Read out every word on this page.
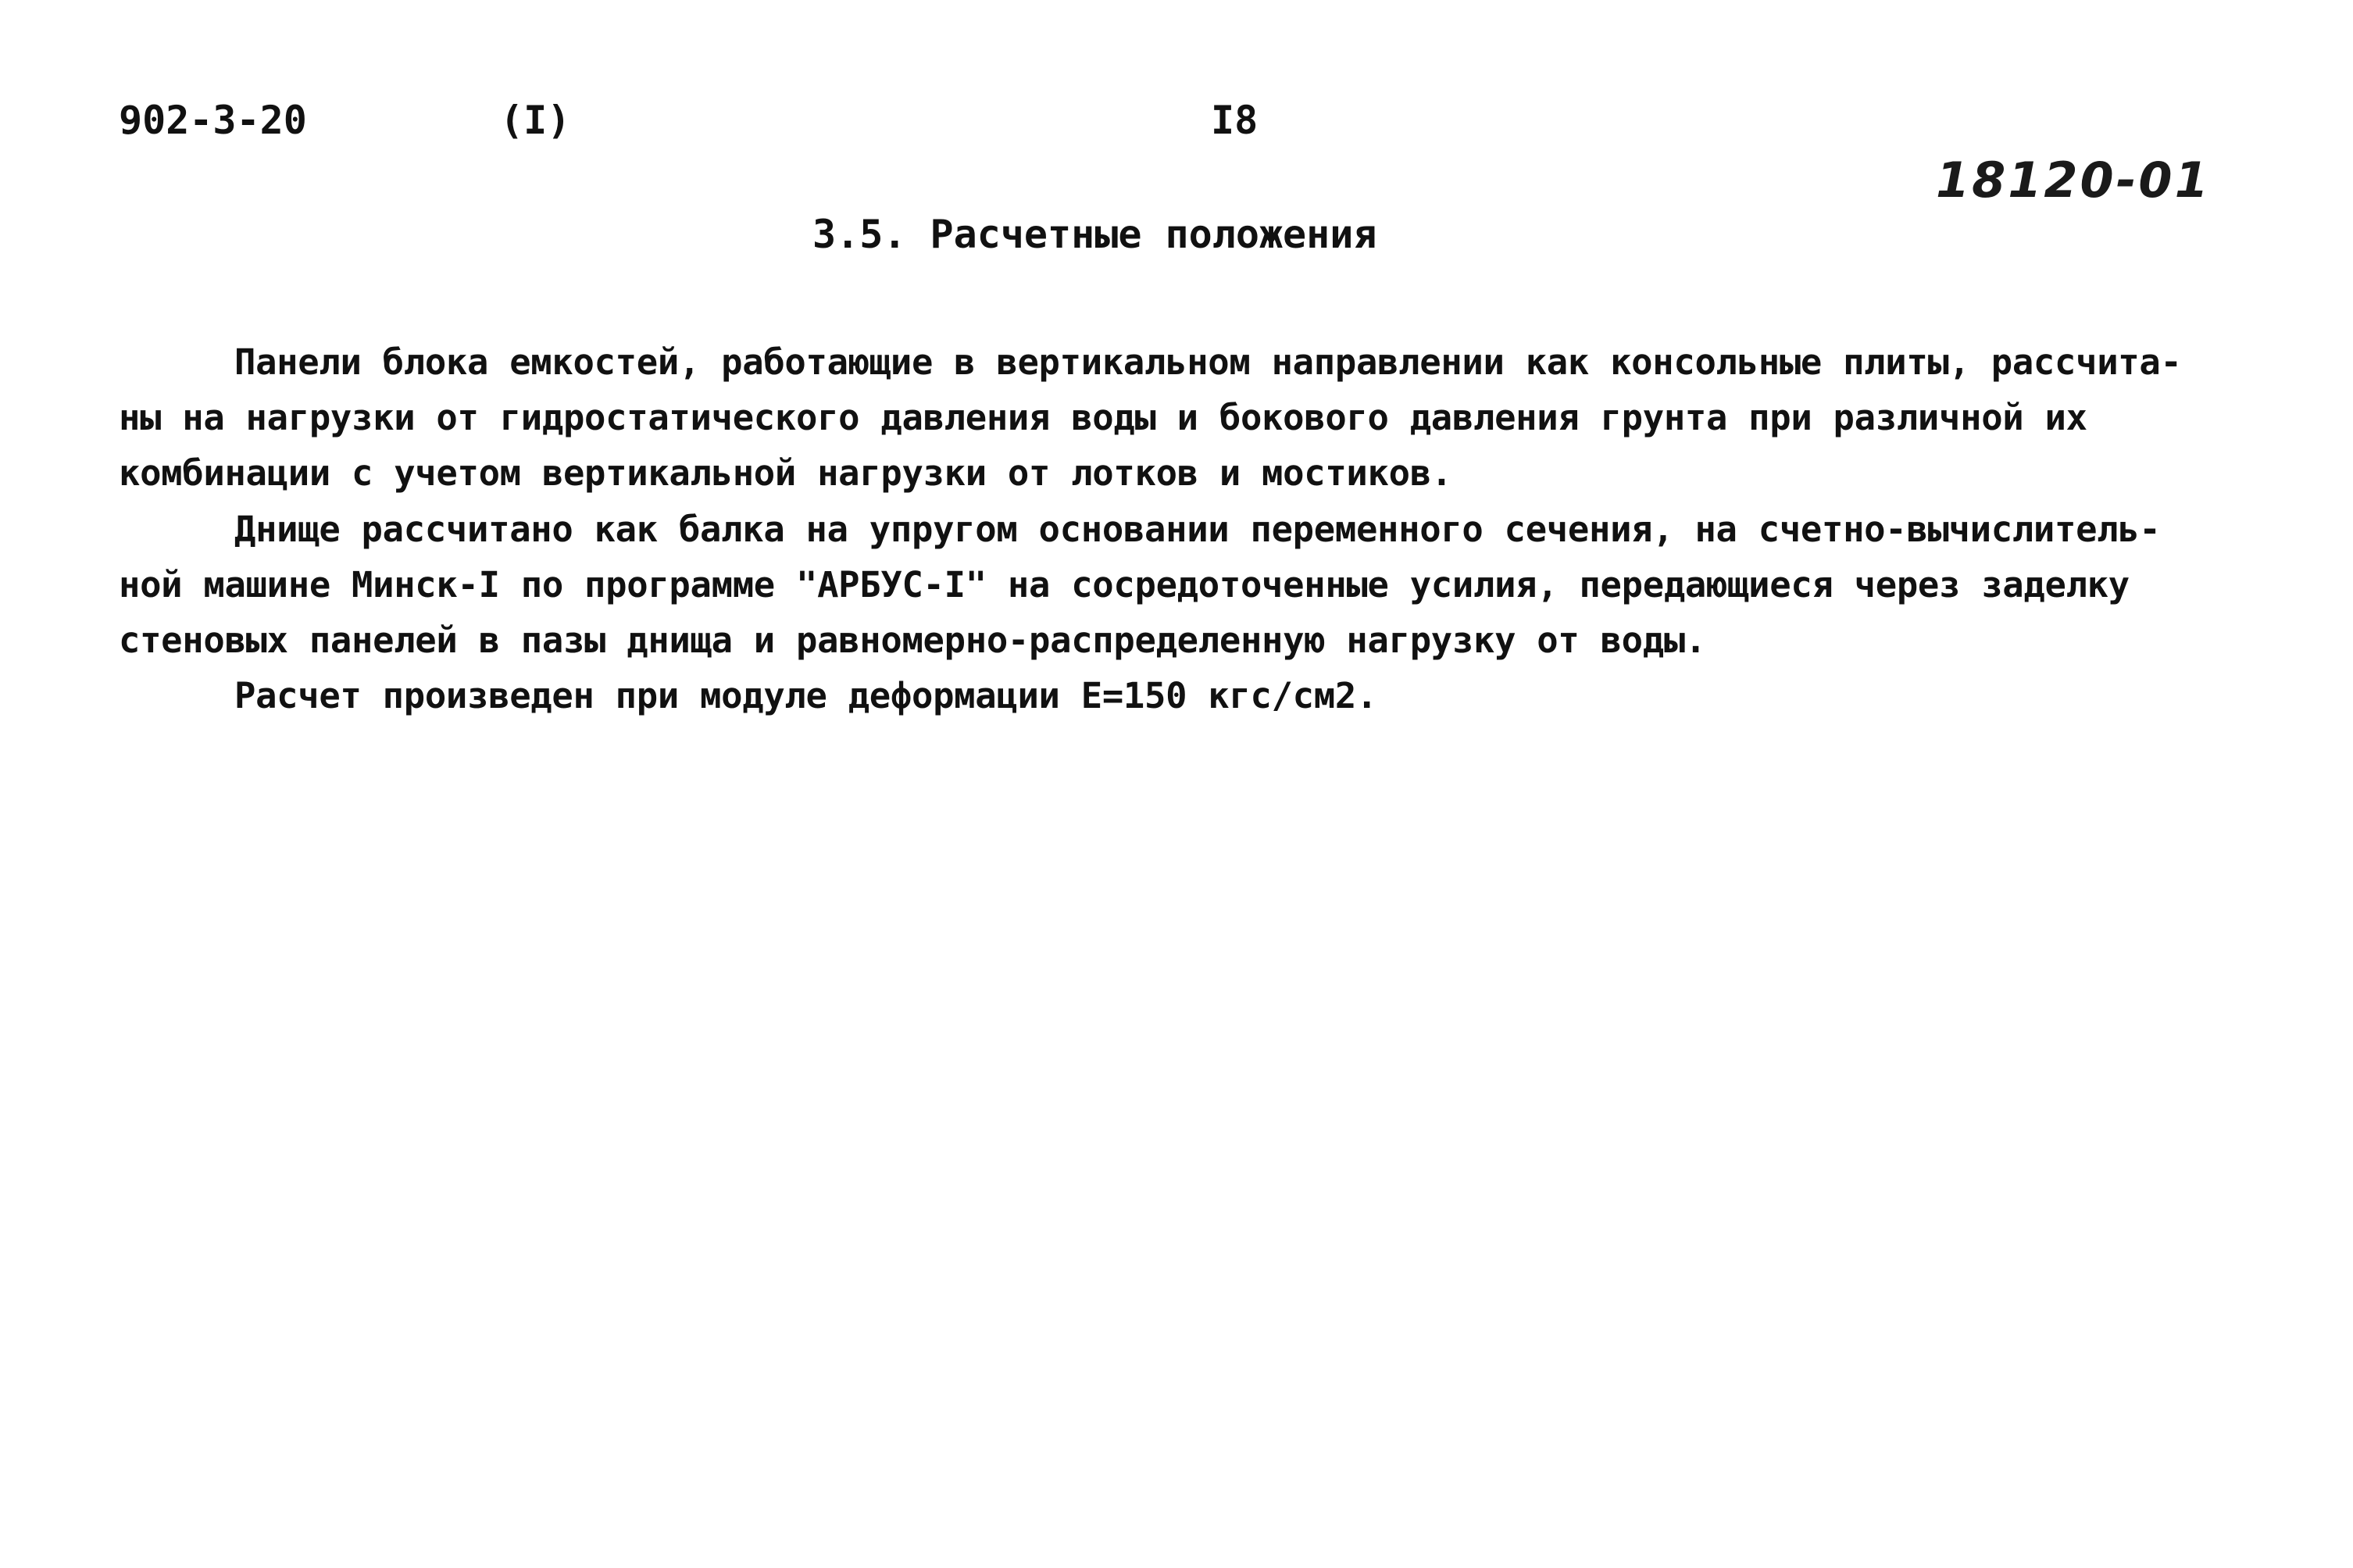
902-3-20	(I)	I8
18120-01
3.5. Расчетные положения
Панели блока емкостей, работающие в вертикальном направлении как консольные плиты, рассчита-
ны на нагрузки от гидростатического давления воды и бокового давления грунта при различной их
комбинации с учетом вертикальной нагрузки от лотков и мостиков.
Днище рассчитано как балка на упругом основании переменного сечения, на счетно-вычислитель-
ной машине Минск-I по программе "АРБУС-I" на сосредоточенные усилия, передающиеся через заделку
стеновых панелей в пазы днища и равномерно-распределенную нагрузку от воды.
Расчет произведен при модуле деформации E=150 кгс/см2.
